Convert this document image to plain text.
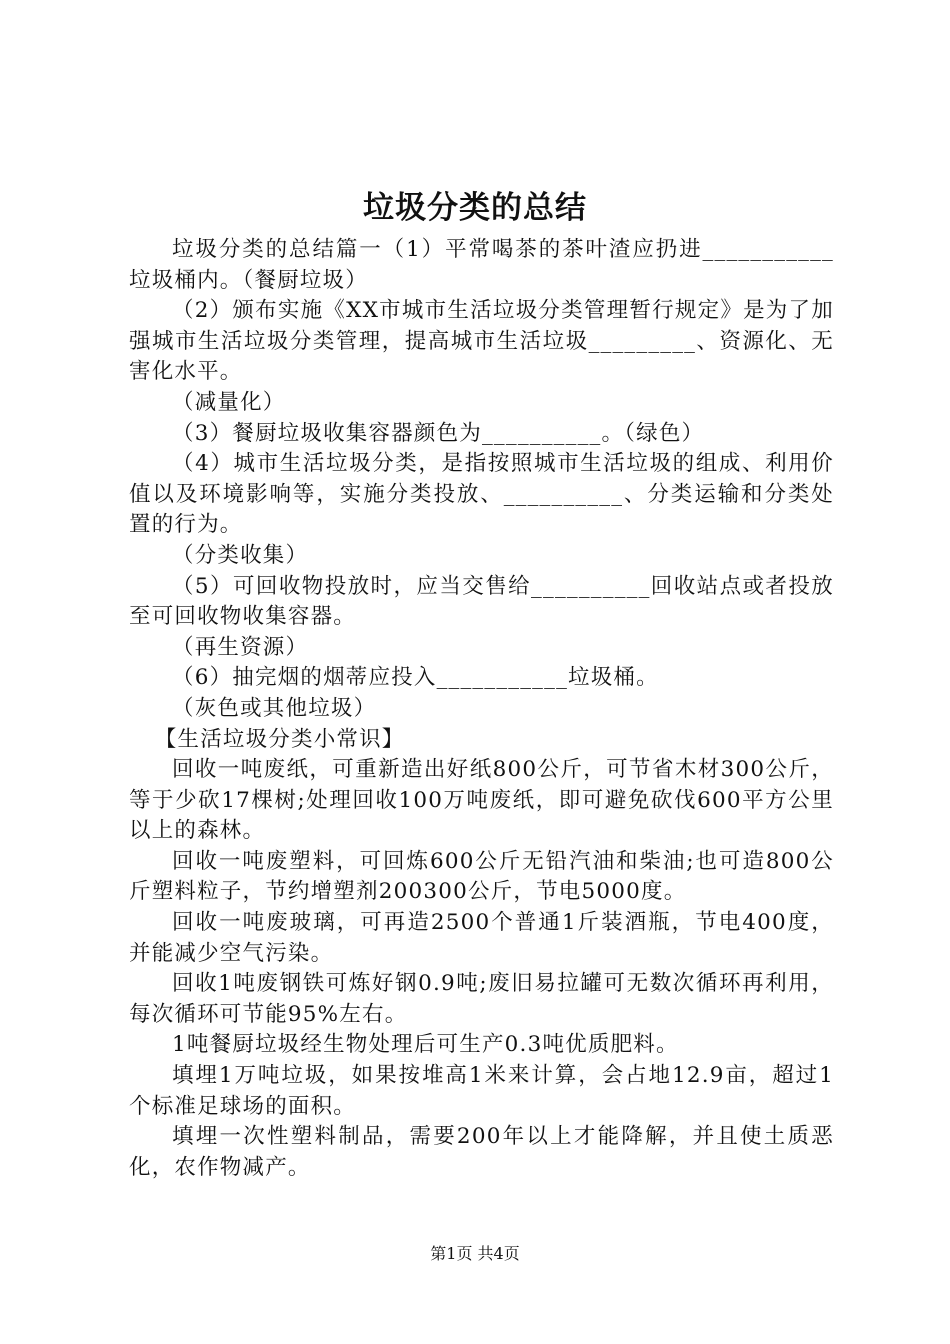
垃圾分类的总结

垃圾分类的总结篇一（1）平常喝茶的茶叶渣应扔进___________垃圾桶内。（餐厨垃圾）

（2）颁布实施《XX市城市生活垃圾分类管理暂行规定》是为了加强城市生活垃圾分类管理，提高城市生活垃圾_________、资源化、无害化水平。

（减量化）

（3）餐厨垃圾收集容器颜色为__________。（绿色）

（4）城市生活垃圾分类，是指按照城市生活垃圾的组成、利用价值以及环境影响等，实施分类投放、__________、分类运输和分类处置的行为。

（分类收集）

（5）可回收物投放时，应当交售给__________回收站点或者投放至可回收物收集容器。

（再生资源）

（6）抽完烟的烟蒂应投入___________垃圾桶。

（灰色或其他垃圾）

【生活垃圾分类小常识】

回收一吨废纸，可重新造出好纸800公斤，可节省木材300公斤，等于少砍17棵树;处理回收100万吨废纸，即可避免砍伐600平方公里以上的森林。

回收一吨废塑料，可回炼600公斤无铅汽油和柴油;也可造800公斤塑料粒子，节约增塑剂200300公斤，节电5000度。

回收一吨废玻璃，可再造2500个普通1斤装酒瓶，节电400度，并能减少空气污染。

回收1吨废钢铁可炼好钢0.9吨;废旧易拉罐可无数次循环再利用，每次循环可节能95%左右。

1吨餐厨垃圾经生物处理后可生产0.3吨优质肥料。

填埋1万吨垃圾，如果按堆高1米来计算，会占地12.9亩，超过1个标准足球场的面积。

填埋一次性塑料制品，需要200年以上才能降解，并且使土质恶化，农作物减产。

第1页 共4页
